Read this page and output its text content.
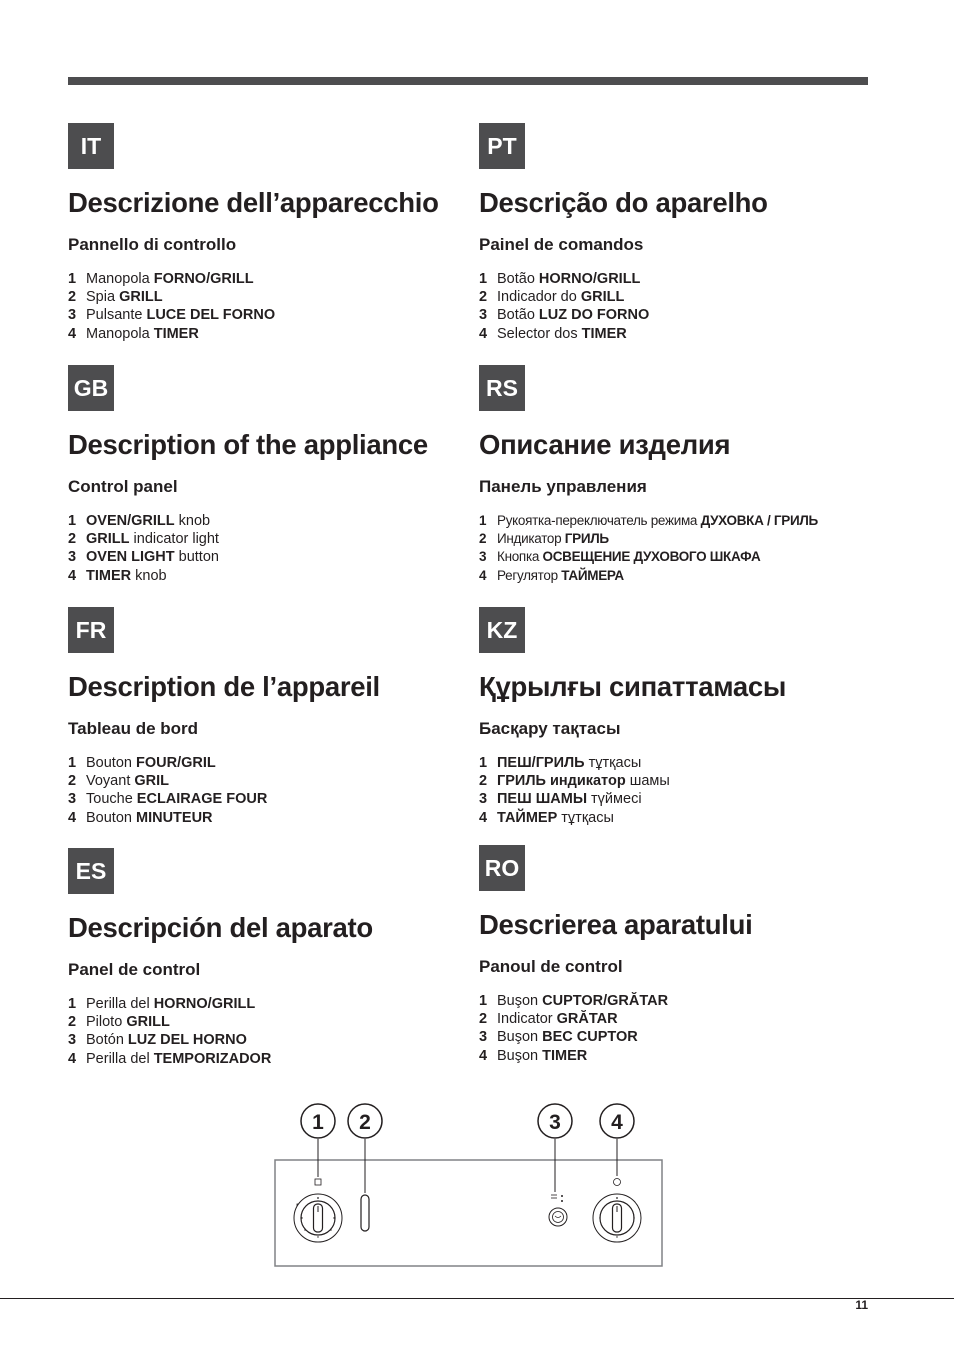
IT
Descrizione dell’apparecchio
Pannello di controllo
1 Manopola FORNO/GRILL
2 Spia GRILL
3 Pulsante LUCE DEL FORNO
4 Manopola TIMER
GB
Description of the appliance
Control panel
1 OVEN/GRILL knob
2 GRILL indicator light
3 OVEN LIGHT button
4 TIMER knob
FR
Description de l’appareil
Tableau de bord
1 Bouton FOUR/GRIL
2 Voyant GRIL
3 Touche ECLAIRAGE FOUR
4 Bouton MINUTEUR
ES
Descripción del aparato
Panel de control
1 Perilla del HORNO/GRILL
2 Piloto GRILL
3 Botón LUZ DEL HORNO
4 Perilla del TEMPORIZADOR
PT
Descrição do aparelho
Painel de comandos
1 Botão HORNO/GRILL
2 Indicador do GRILL
3 Botão LUZ DO FORNO
4 Selector dos TIMER
RS
Описание изделия
Панель управления
1 Рукоятка-переключатель режима ДУХОВКА / ГРИЛЬ
2 Индикатор ГРИЛЬ
3 Кнопка ОСВЕЩЕНИЕ ДУХОВОГО ШКАФА
4 Регулятор ТАЙМЕРА
KZ
Құрылғы сипаттамасы
Басқару тақтасы
1 ПЕШ/ГРИЛЬ тұтқасы
2 ГРИЛЬ индикатор шамы
3 ПЕШ ШАМЫ түймесі
4 ТАЙМЕР тұтқасы
RO
Descrierea aparatului
Panoul de control
1 Buşon CUPTOR/GRĂTAR
2 Indicator GRĂTAR
3 Buşon BEC CUPTOR
4 Buşon TIMER
1 2	3 4
11
